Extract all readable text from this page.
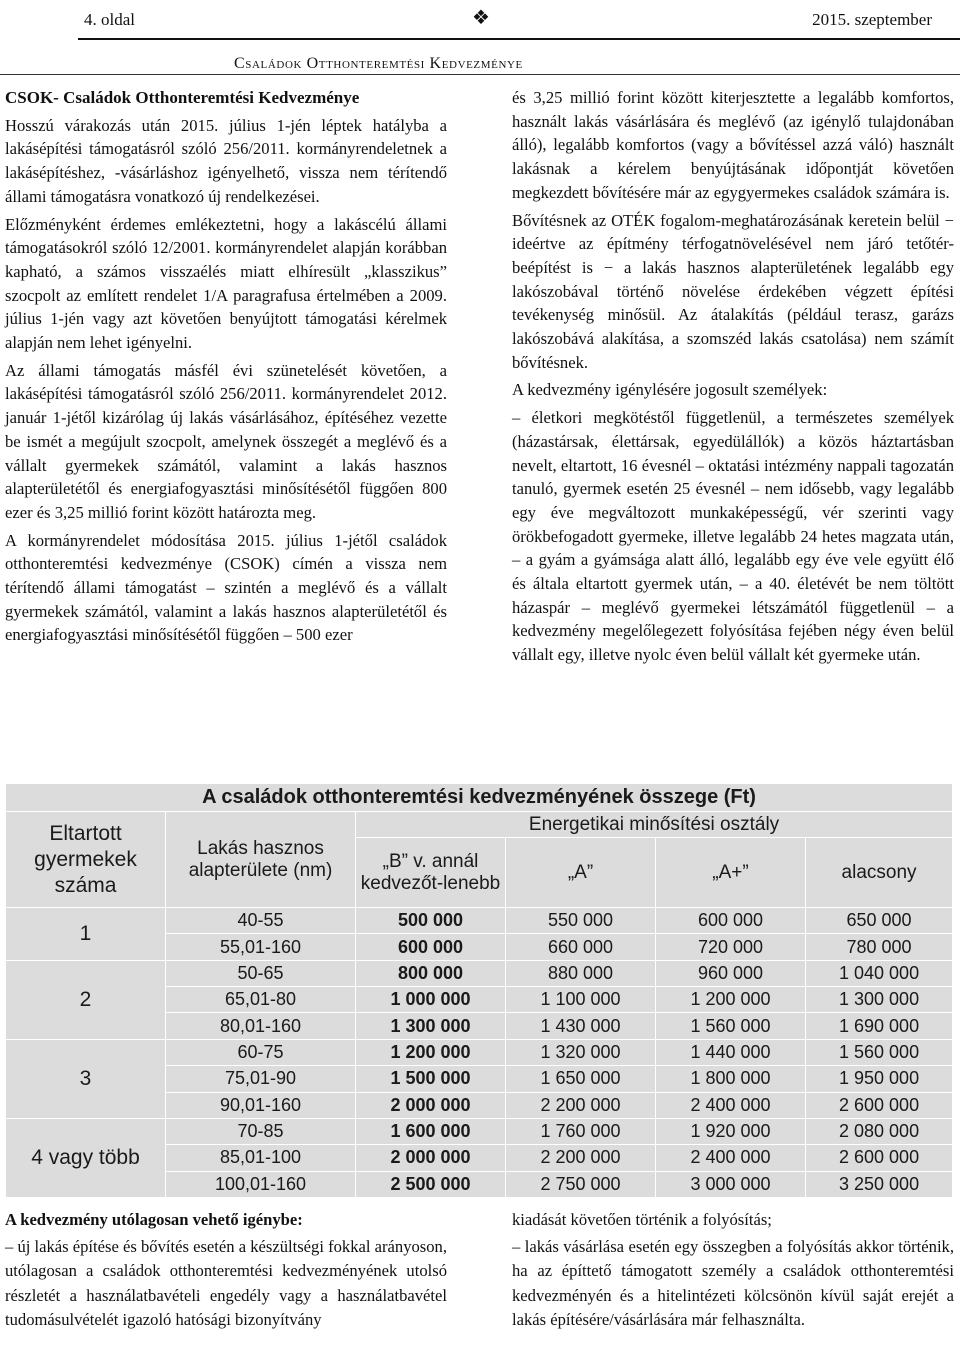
4. oldal	❖	2015. szeptember
Családok Otthonteremtési Kedvezménye

CSOK- Családok Otthonteremtési Kedvezménye

Hosszú várakozás után 2015. július 1-jén léptek hatályba a lakásépítési támogatásról szóló 256/2011. kormányrendeletnek a lakásépítéshez, -vásárláshoz igényelhető, vissza nem térítendő állami támogatásra vonatkozó új rendelkezései.

Előzményként érdemes emlékeztetni, hogy a lakáscélú állami támogatásokról szóló 12/2001. kormányrendelet alapján korábban kapható, a számos visszaélés miatt elhíresült „klasszikus” szocpolt az említett rendelet 1/A paragrafusa értelmében a 2009. július 1-jén vagy azt követően benyújtott támogatási kérelmek alapján nem lehet igényelni.

Az állami támogatás másfél évi szünetelését követően, a lakásépítési támogatásról szóló 256/2011. kormányrendelet 2012. január 1-jétől kizárólag új lakás vásárlásához, építéséhez vezette be ismét a megújult szocpolt, amelynek összegét a meglévő és a vállalt gyermekek számától, valamint a lakás hasznos alapterületétől és energiafogyasztási minősítésétől függően 800 ezer és 3,25 millió forint között határozta meg.

A kormányrendelet módosítása 2015. július 1-jétől családok otthonteremtési kedvezménye (CSOK) címén a vissza nem térítendő állami támogatást – szintén a meglévő és a vállalt gyermekek számától, valamint a lakás hasznos alapterületétől és energiafogyasztási minősítésétől függően – 500 ezer

és 3,25 millió forint között kiterjesztette a legalább komfortos, használt lakás vásárlására és meglévő (az igénylő tulajdonában álló), legalább komfortos (vagy a bővítéssel azzá váló) használt lakásnak a kérelem benyújtásának időpontját követően megkezdett bővítésére már az egygyermekes családok számára is.

Bővítésnek az OTÉK fogalom-meghatározásának keretein belül − ideértve az építmény térfogatnövelésével nem járó tetőtér-beépítést is − a lakás hasznos alapterületének legalább egy lakószobával történő növelése érdekében végzett építési tevékenység minősül. Az átalakítás (például terasz, garázs lakószobává alakítása, a szomszéd lakás csatolása) nem számít bővítésnek.

A kedvezmény igénylésére jogosult személyek:

– életkori megkötéstől függetlenül, a természetes személyek (házastársak, élettársak, egyedülállók) a közös háztartásban nevelt, eltartott, 16 évesnél – oktatási intézmény nappali tagozatán tanuló, gyermek esetén 25 évesnél – nem idősebb, vagy legalább egy éve megváltozott munkaképességű, vér szerinti vagy örökbefogadott gyermeke, illetve legalább 24 hetes magzata után, – a gyám a gyámsága alatt álló, legalább egy éve vele együtt élő és általa eltartott gyermek után, – a 40. életévét be nem töltött házaspár – meglévő gyermekei létszámától függetlenül – a kedvezmény megelőlegezett folyósítása fejében négy éven belül vállalt egy, illetve nyolc éven belül vállalt két gyermeke után.

A családok otthonteremtési kedvezményének összege (Ft)					
Eltartott gyermekek száma	Lakás hasznos alapterülete (nm)	Energetikai minősítési osztály			
		„B” v. annál kedvezőt-lenebb	„A”	„A+”	alacsony

1	40-55	500 000	550 000	600 000	650 000
	55,01-160	600 000	660 000	720 000	780 000
2	50-65	800 000	880 000	960 000	1 040 000
	65,01-80	1 000 000	1 100 000	1 200 000	1 300 000
	80,01-160	1 300 000	1 430 000	1 560 000	1 690 000
3	60-75	1 200 000	1 320 000	1 440 000	1 560 000
	75,01-90	1 500 000	1 650 000	1 800 000	1 950 000
	90,01-160	2 000 000	2 200 000	2 400 000	2 600 000
4 vagy több	70-85	1 600 000	1 760 000	1 920 000	2 080 000
	85,01-100	2 000 000	2 200 000	2 400 000	2 600 000
	100,01-160	2 500 000	2 750 000	3 000 000	3 250 000

A kedvezmény utólagosan vehető igénybe:

– új lakás építése és bővítés esetén a készültségi fokkal arányoson, utólagosan a családok otthonteremtési kedvezményének utolsó részletét a használatbavételi engedély vagy a használatbavétel tudomásulvételét igazoló hatósági bizonyítvány

kiadását követően történik a folyósítás;

– lakás vásárlása esetén egy összegben a folyósítás akkor történik, ha az építtető támogatott személy a családok otthonteremtési kedvezményén és a hitelintézeti kölcsönön kívül saját erejét a lakás építésére/vásárlására már felhasználta.
